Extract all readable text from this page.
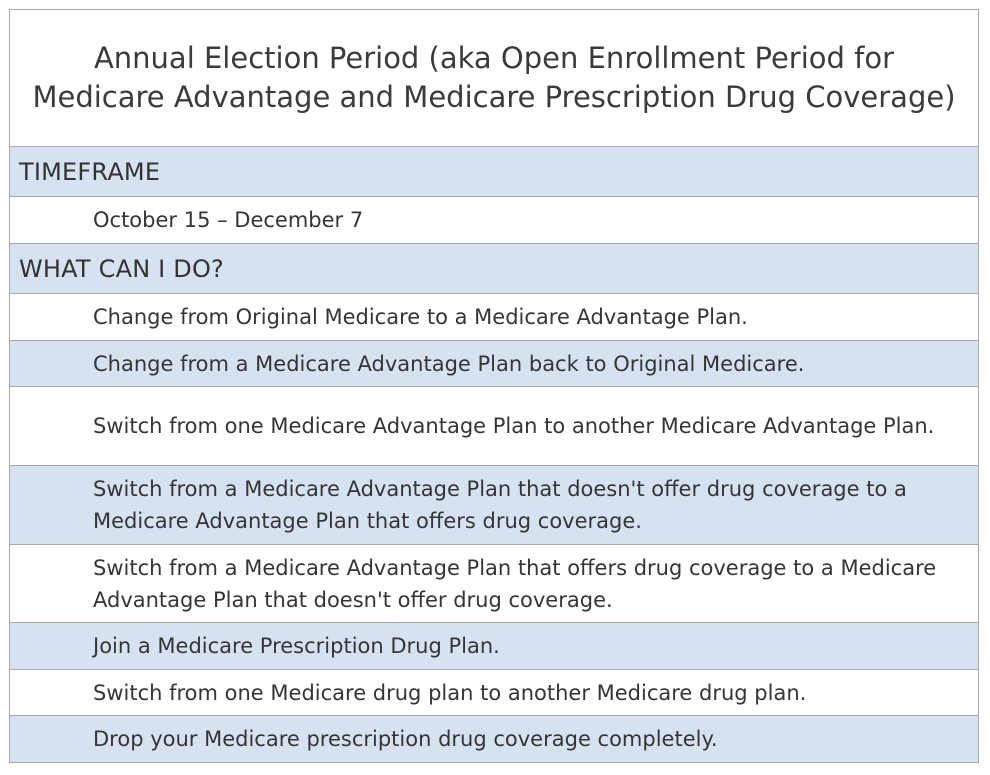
Annual Election Period (aka Open Enrollment Period for Medicare Advantage and Medicare Prescription Drug Coverage)
TIMEFRAME
October 15 – December 7
WHAT CAN I DO?
Change from Original Medicare to a Medicare Advantage Plan.
Change from a Medicare Advantage Plan back to Original Medicare.
Switch from one Medicare Advantage Plan to another Medicare Advantage Plan.
Switch from a Medicare Advantage Plan that doesn't offer drug coverage to a Medicare Advantage Plan that offers drug coverage.
Switch from a Medicare Advantage Plan that offers drug coverage to a Medicare Advantage Plan that doesn't offer drug coverage.
Join a Medicare Prescription Drug Plan.
Switch from one Medicare drug plan to another Medicare drug plan.
Drop your Medicare prescription drug coverage completely.
